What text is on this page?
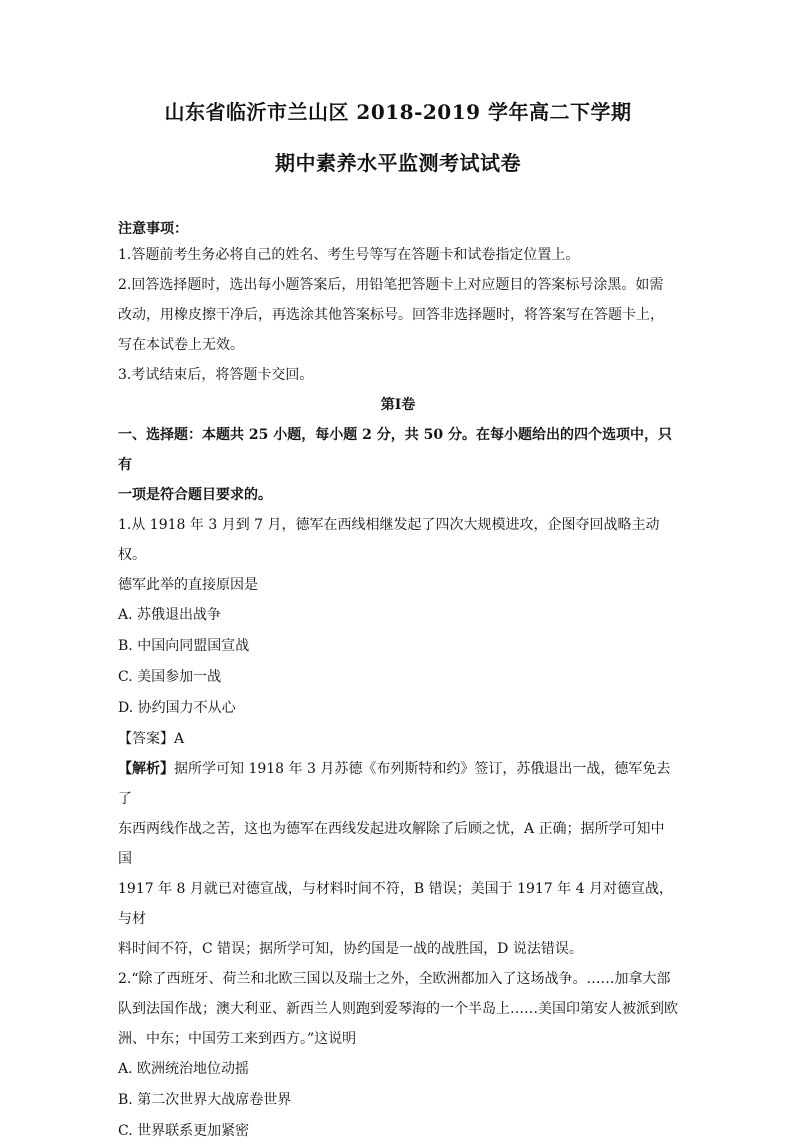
山东省临沂市兰山区 2018-2019 学年高二下学期
期中素养水平监测考试试卷
注意事项：

1.答题前考生务必将自己的姓名、考生号等写在答题卡和试卷指定位置上。

2.回答选择题时，选出每小题答案后，用铅笔把答题卡上对应题目的答案标号涂黑。如需

改动，用橡皮擦干净后，再选涂其他答案标号。回答非选择题时，将答案写在答题卡上，

写在本试卷上无效。

3.考试结束后，将答题卡交回。

第Ⅰ卷

一、选择题：本题共 25 小题，每小题 2 分，共 50 分。在每小题给出的四个选项中，只有

一项是符合题目要求的。

1.从 1918 年 3 月到 7 月，德军在西线相继发起了四次大规模进攻，企图夺回战略主动权。

德军此举的直接原因是

A. 苏俄退出战争
B. 中国向同盟国宣战
C. 美国参加一战
D. 协约国力不从心

【答案】A

【解析】据所学可知 1918 年 3 月苏德《布列斯特和约》签订，苏俄退出一战，德军免去了

东西两线作战之苦，这也为德军在西线发起进攻解除了后顾之忧，A 正确；据所学可知中国

1917 年 8 月就已对德宣战，与材料时间不符，B 错误；美国于 1917 年 4 月对德宣战，与材

料时间不符，C 错误；据所学可知，协约国是一战的战胜国，D 说法错误。

2.“除了西班牙、荷兰和北欧三国以及瑞士之外，全欧洲都加入了这场战争。……加拿大部

队到法国作战；澳大利亚、新西兰人则跑到爱琴海的一个半岛上……美国印第安人被派到欧

洲、中东；中国劳工来到西方。”这说明

A. 欧洲统治地位动摇
B. 第二次世界大战席卷世界
C. 世界联系更加紧密
